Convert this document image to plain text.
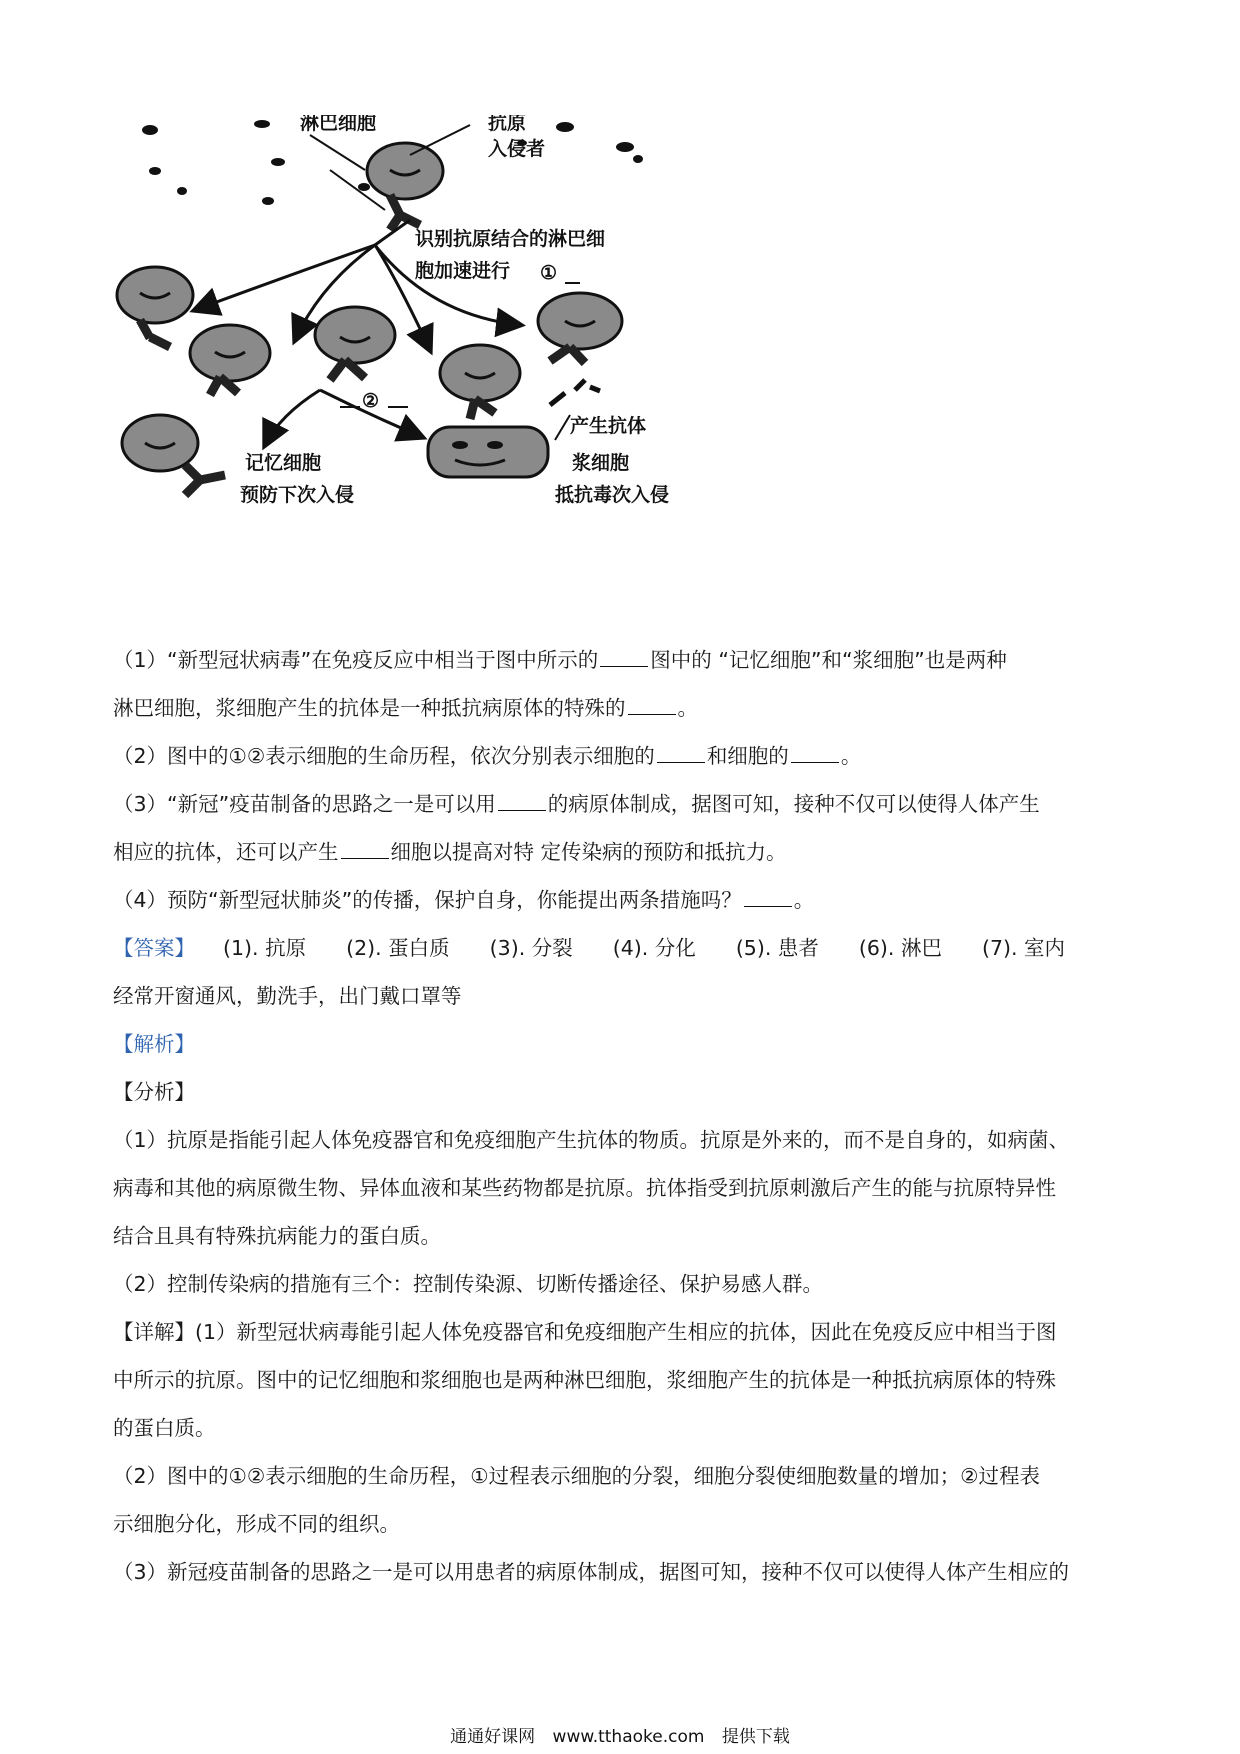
淋巴细胞	抗原
入侵者
识别抗原结合的淋巴细
胞加速进行 ①
②
记忆细胞
预防下次入侵
产生抗体
浆细胞
抵抗毒次入侵

（1）“新型冠状病毒”在免疫反应中相当于图中所示的	图中的 “记忆细胞”和“浆细胞”也是两种

淋巴细胞，浆细胞产生的抗体是一种抵抗病原体的特殊的	。

（2）图中的①②表示细胞的生命历程，依次分别表示细胞的	和细胞的	。

（3）“新冠”疫苗制备的思路之一是可以用	的病原体制成，据图可知，接种不仅可以使得人体产生

相应的抗体，还可以产生	细胞以提高对特 定传染病的预防和抵抗力。

（4）预防“新型冠状肺炎”的传播，保护自身，你能提出两条措施吗？	。

【答案】	(1). 抗原 (2). 蛋白质 (3). 分裂 (4). 分化 (5). 患者 (6). 淋巴 (7). 室内

经常开窗通风，勤洗手，出门戴口罩等

【解析】

【分析】

（1）抗原是指能引起人体免疫器官和免疫细胞产生抗体的物质。抗原是外来的，而不是自身的，如病菌、

病毒和其他的病原微生物、异体血液和某些药物都是抗原。抗体指受到抗原刺激后产生的能与抗原特异性

结合且具有特殊抗病能力的蛋白质。

（2）控制传染病的措施有三个：控制传染源、切断传播途径、保护易感人群。

【详解】(1）新型冠状病毒能引起人体免疫器官和免疫细胞产生相应的抗体，因此在免疫反应中相当于图

中所示的抗原。图中的记忆细胞和浆细胞也是两种淋巴细胞，浆细胞产生的抗体是一种抵抗病原体的特殊

的蛋白质。

（2）图中的①②表示细胞的生命历程，①过程表示细胞的分裂，细胞分裂使细胞数量的增加；②过程表

示细胞分化，形成不同的组织。

（3）新冠疫苗制备的思路之一是可以用患者的病原体制成，据图可知，接种不仅可以使得人体产生相应的

通通好课网 www.tthaoke.com 提供下载
